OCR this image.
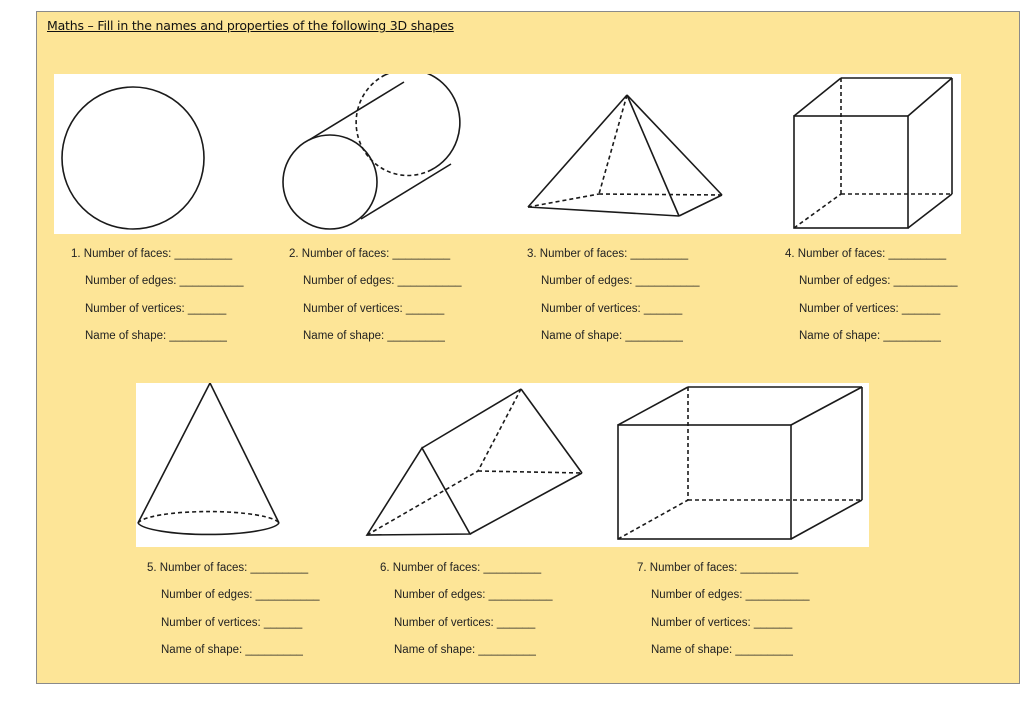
Maths – Fill in the names and properties of the following 3D shapes
1. Number of faces: _________
Number of edges: __________
Number of vertices: ______
Name of shape: _________
2. Number of faces: _________
Number of edges: __________
Number of vertices: ______
Name of shape: _________
3. Number of faces: _________
Number of edges: __________
Number of vertices: ______
Name of shape: _________
4. Number of faces: _________
Number of edges: __________
Number of vertices: ______
Name of shape: _________
5. Number of faces: _________
Number of edges: __________
Number of vertices: ______
Name of shape: _________
6. Number of faces: _________
Number of edges: __________
Number of vertices: ______
Name of shape: _________
7. Number of faces: _________
Number of edges: __________
Number of vertices: ______
Name of shape: _________
